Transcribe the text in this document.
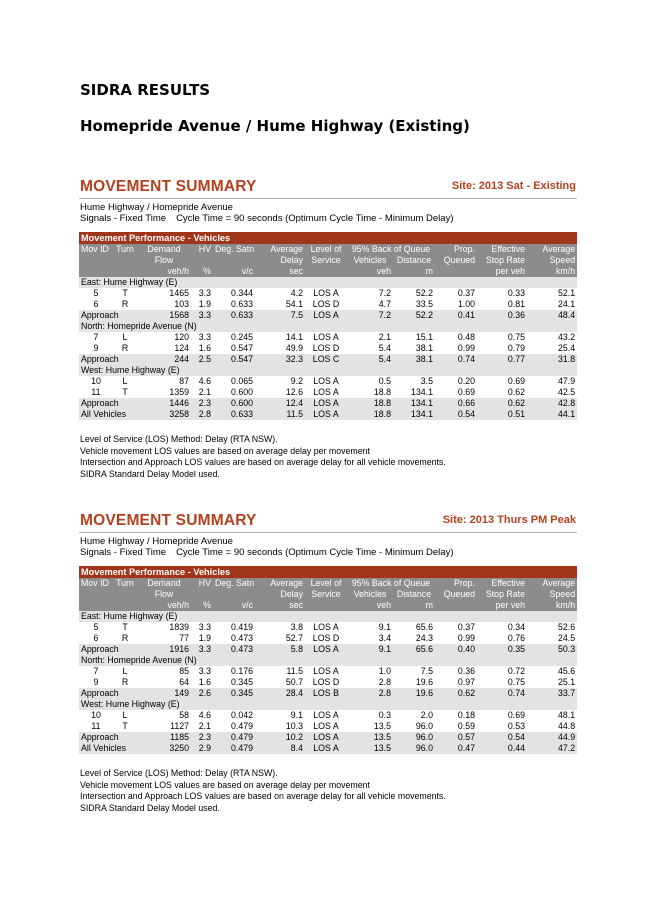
SIDRA RESULTS
Homepride Avenue / Hume Highway (Existing)
MOVEMENT SUMMARY	Site: 2013 Sat - Existing
Hume Highway / Homepride Avenue
Signals - Fixed Time Cycle Time = 90 seconds (Optimum Cycle Time - Minimum Delay)
Movement Performance - Vehicles											
Mov ID	Turn	Demand	HV	Deg. Satn	Average	Level of	95% Back of Queue		Prop.	Effective	Average
		Flow			Delay	Service	Vehicles	Distance	Queued	Stop Rate	Speed
		veh/h	%	v/c	sec		veh	m		per veh	km/h
East: Hume Highway (E)											
5	T	1465	3.3	0.344	4.2	LOS A	7.2	52.2	0.37	0.33	52.1
6	R	103	1.9	0.633	54.1	LOS D	4.7	33.5	1.00	0.81	24.1
Approach		1568	3.3	0.633	7.5	LOS A	7.2	52.2	0.41	0.36	48.4
North: Homepride Avenue (N)											
7	L	120	3.3	0.245	14.1	LOS A	2.1	15.1	0.48	0.75	43.2
9	R	124	1.6	0.547	49.9	LOS D	5.4	38.1	0.99	0.79	25.4
Approach		244	2.5	0.547	32.3	LOS C	5.4	38.1	0.74	0.77	31.8
West: Hume Highway (E)											
10	L	87	4.6	0.065	9.2	LOS A	0.5	3.5	0.20	0.69	47.9
11	T	1359	2.1	0.600	12.6	LOS A	18.8	134.1	0.69	0.62	42.5
Approach		1446	2.3	0.600	12.4	LOS A	18.8	134.1	0.66	0.62	42.8
All Vehicles		3258	2.8	0.633	11.5	LOS A	18.8	134.1	0.54	0.51	44.1
Level of Service (LOS) Method: Delay (RTA NSW).
Vehicle movement LOS values are based on average delay per movement
Intersection and Approach LOS values are based on average delay for all vehicle movements.
SIDRA Standard Delay Model used.
MOVEMENT SUMMARY	Site: 2013 Thurs PM Peak
Hume Highway / Homepride Avenue
Signals - Fixed Time Cycle Time = 90 seconds (Optimum Cycle Time - Minimum Delay)
Movement Performance - Vehicles											
Mov ID	Turn	Demand	HV	Deg. Satn	Average	Level of	95% Back of Queue		Prop.	Effective	Average
		Flow			Delay	Service	Vehicles	Distance	Queued	Stop Rate	Speed
		veh/h	%	v/c	sec		veh	m		per veh	km/h
East: Hume Highway (E)											
5	T	1839	3.3	0.419	3.8	LOS A	9.1	65.6	0.37	0.34	52.6
6	R	77	1.9	0.473	52.7	LOS D	3.4	24.3	0.99	0.76	24.5
Approach		1916	3.3	0.473	5.8	LOS A	9.1	65.6	0.40	0.35	50.3
North: Homepride Avenue (N)											
7	L	85	3.3	0.176	11.5	LOS A	1.0	7.5	0.36	0.72	45.6
9	R	64	1.6	0.345	50.7	LOS D	2.8	19.6	0.97	0.75	25.1
Approach		149	2.6	0.345	28.4	LOS B	2.8	19.6	0.62	0.74	33.7
West: Hume Highway (E)											
10	L	58	4.6	0.042	9.1	LOS A	0.3	2.0	0.18	0.69	48.1
11	T	1127	2.1	0.479	10.3	LOS A	13.5	96.0	0.59	0.53	44.8
Approach		1185	2.3	0.479	10.2	LOS A	13.5	96.0	0.57	0.54	44.9
All Vehicles		3250	2.9	0.479	8.4	LOS A	13.5	96.0	0.47	0.44	47.2
Level of Service (LOS) Method: Delay (RTA NSW).
Vehicle movement LOS values are based on average delay per movement
Intersection and Approach LOS values are based on average delay for all vehicle movements.
SIDRA Standard Delay Model used.
